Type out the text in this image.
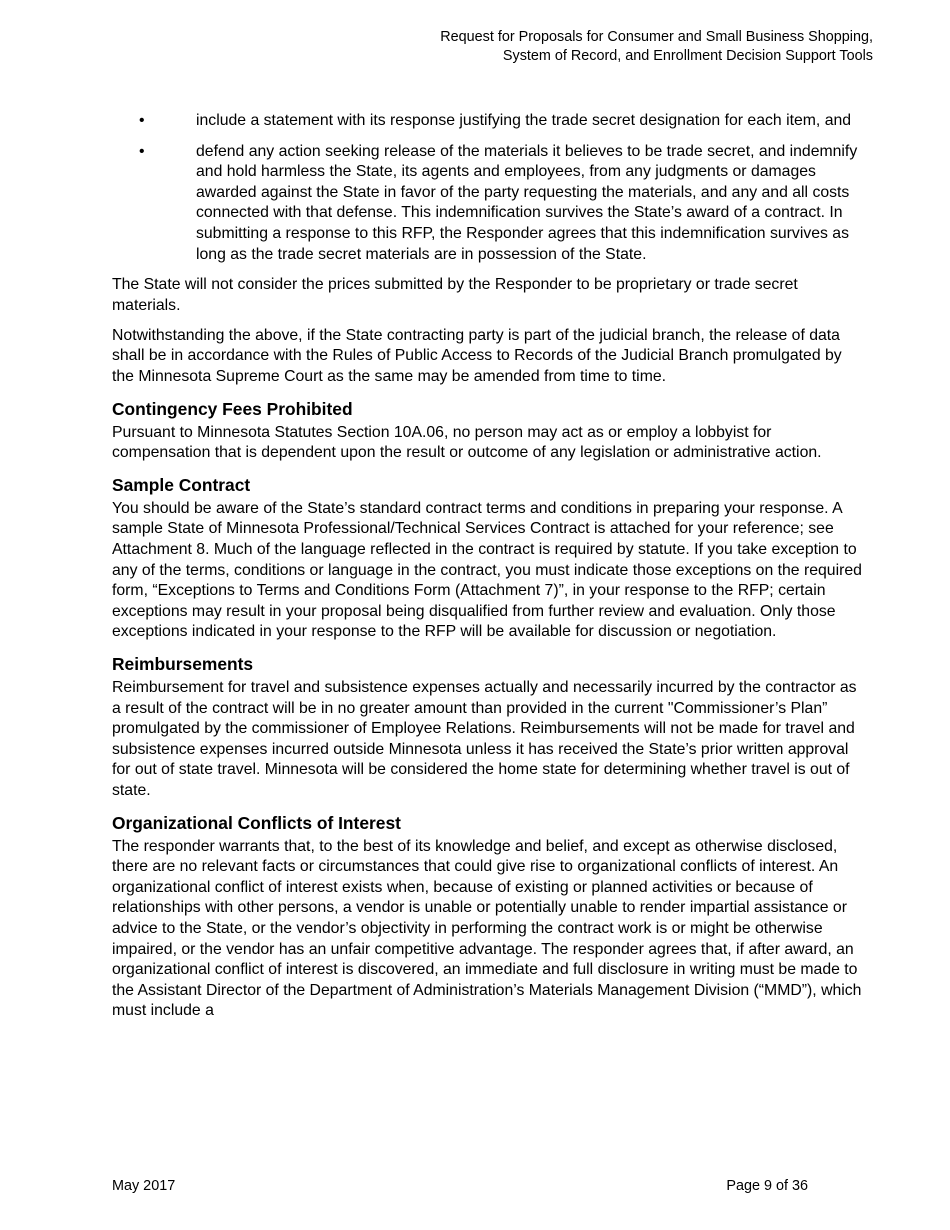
Request for Proposals for Consumer and Small Business Shopping,
System of Record, and Enrollment Decision Support Tools
•	include a statement with its response justifying the trade secret designation for each item, and
•	defend any action seeking release of the materials it believes to be trade secret, and indemnify and hold harmless the State, its agents and employees, from any judgments or damages awarded against the State in favor of the party requesting the materials, and any and all costs connected with that defense. This indemnification survives the State’s award of a contract. In submitting a response to this RFP, the Responder agrees that this indemnification survives as long as the trade secret materials are in possession of the State.

The State will not consider the prices submitted by the Responder to be proprietary or trade secret materials.

Notwithstanding the above, if the State contracting party is part of the judicial branch, the release of data shall be in accordance with the Rules of Public Access to Records of the Judicial Branch promulgated by the Minnesota Supreme Court as the same may be amended from time to time.

Contingency Fees Prohibited

Pursuant to Minnesota Statutes Section 10A.06, no person may act as or employ a lobbyist for compensation that is dependent upon the result or outcome of any legislation or administrative action.

Sample Contract

You should be aware of the State’s standard contract terms and conditions in preparing your response. A sample State of Minnesota Professional/Technical Services Contract is attached for your reference; see Attachment 8. Much of the language reflected in the contract is required by statute. If you take exception to any of the terms, conditions or language in the contract, you must indicate those exceptions on the required form, “Exceptions to Terms and Conditions Form (Attachment 7)”, in your response to the RFP; certain exceptions may result in your proposal being disqualified from further review and evaluation. Only those exceptions indicated in your response to the RFP will be available for discussion or negotiation.

Reimbursements

Reimbursement for travel and subsistence expenses actually and necessarily incurred by the contractor as a result of the contract will be in no greater amount than provided in the current "Commissioner’s Plan” promulgated by the commissioner of Employee Relations. Reimbursements will not be made for travel and subsistence expenses incurred outside Minnesota unless it has received the State’s prior written approval for out of state travel. Minnesota will be considered the home state for determining whether travel is out of state.

Organizational Conflicts of Interest

The responder warrants that, to the best of its knowledge and belief, and except as otherwise disclosed, there are no relevant facts or circumstances that could give rise to organizational conflicts of interest. An organizational conflict of interest exists when, because of existing or planned activities or because of relationships with other persons, a vendor is unable or potentially unable to render impartial assistance or advice to the State, or the vendor’s objectivity in performing the contract work is or might be otherwise impaired, or the vendor has an unfair competitive advantage. The responder agrees that, if after award, an organizational conflict of interest is discovered, an immediate and full disclosure in writing must be made to the Assistant Director of the Department of Administration’s Materials Management Division (“MMD”), which must include a

May 2017	Page 9 of 36
